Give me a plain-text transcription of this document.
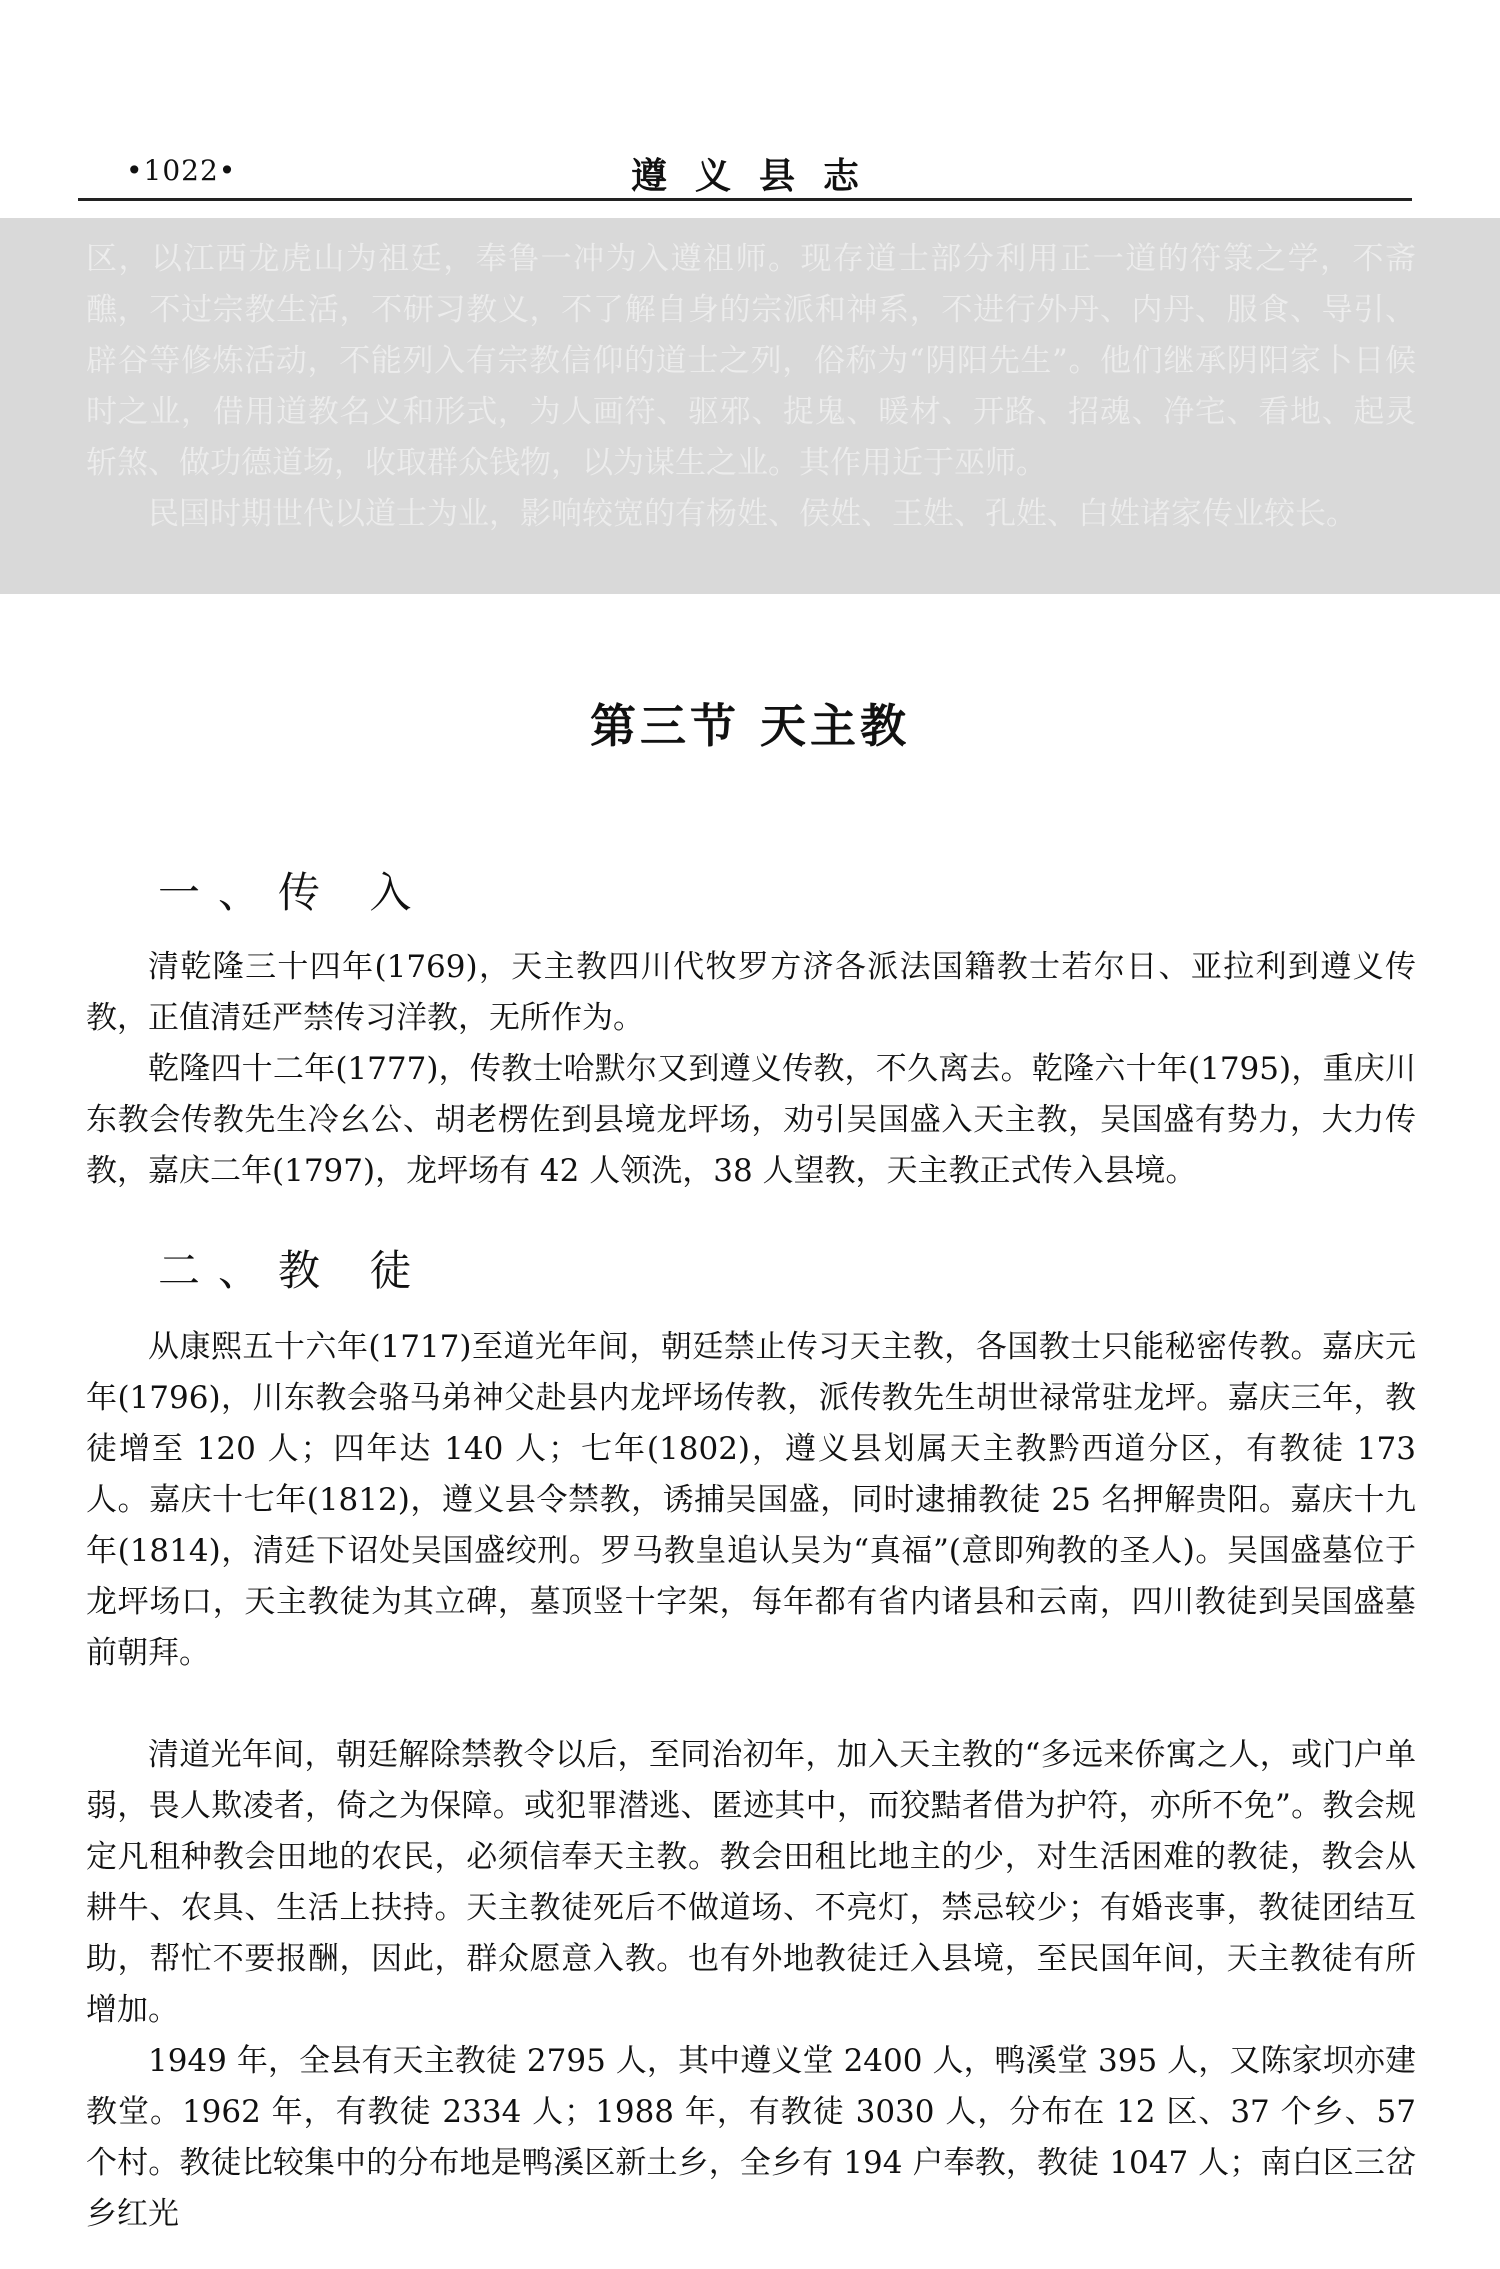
•1022•	遵义县志

区，以江西龙虎山为祖廷，奉鲁一冲为入遵祖师。现存道士部分利用正一道的符箓之学，不斋醮，不过宗教生活，不研习教义，不了解自身的宗派和神系，不进行外丹、内丹、服食、导引、辟谷等修炼活动，不能列入有宗教信仰的道士之列，俗称为“阴阳先生”。他们继承阴阳家卜日候时之业，借用道教名义和形式，为人画符、驱邪、捉鬼、暖材、开路、招魂、净宅、看地、起灵斩煞、做功德道场，收取群众钱物，以为谋生之业。其作用近于巫师。

民国时期世代以道士为业，影响较宽的有杨姓、侯姓、王姓、孔姓、白姓诸家传业较长。

第三节 天主教
一、传 入

清乾隆三十四年(1769)，天主教四川代牧罗方济各派法国籍教士若尔日、亚拉利到遵义传教，正值清廷严禁传习洋教，无所作为。

乾隆四十二年(1777)，传教士哈默尔又到遵义传教，不久离去。乾隆六十年(1795)，重庆川东教会传教先生冷幺公、胡老楞佐到县境龙坪场，劝引吴国盛入天主教，吴国盛有势力，大力传教，嘉庆二年(1797)，龙坪场有 42 人领洗，38 人望教，天主教正式传入县境。

二、教 徒

从康熙五十六年(1717)至道光年间，朝廷禁止传习天主教，各国教士只能秘密传教。嘉庆元年(1796)，川东教会骆马弟神父赴县内龙坪场传教，派传教先生胡世禄常驻龙坪。嘉庆三年，教徒增至 120 人；四年达 140 人；七年(1802)，遵义县划属天主教黔西道分区，有教徒 173 人。嘉庆十七年(1812)，遵义县令禁教，诱捕吴国盛，同时逮捕教徒 25 名押解贵阳。嘉庆十九年(1814)，清廷下诏处吴国盛绞刑。罗马教皇追认吴为“真福”(意即殉教的圣人)。吴国盛墓位于龙坪场口，天主教徒为其立碑，墓顶竖十字架，每年都有省内诸县和云南，四川教徒到吴国盛墓前朝拜。

清道光年间，朝廷解除禁教令以后，至同治初年，加入天主教的“多远来侨寓之人，或门户单弱，畏人欺凌者，倚之为保障。或犯罪潜逃、匿迹其中，而狡黠者借为护符，亦所不免”。教会规定凡租种教会田地的农民，必须信奉天主教。教会田租比地主的少，对生活困难的教徒，教会从耕牛、农具、生活上扶持。天主教徒死后不做道场、不亮灯，禁忌较少；有婚丧事，教徒团结互助，帮忙不要报酬，因此，群众愿意入教。也有外地教徒迁入县境，至民国年间，天主教徒有所增加。

1949 年，全县有天主教徒 2795 人，其中遵义堂 2400 人，鸭溪堂 395 人，又陈家坝亦建教堂。1962 年，有教徒 2334 人；1988 年，有教徒 3030 人，分布在 12 区、37 个乡、57 个村。教徒比较集中的分布地是鸭溪区新土乡，全乡有 194 户奉教，教徒 1047 人；南白区三岔乡红光
